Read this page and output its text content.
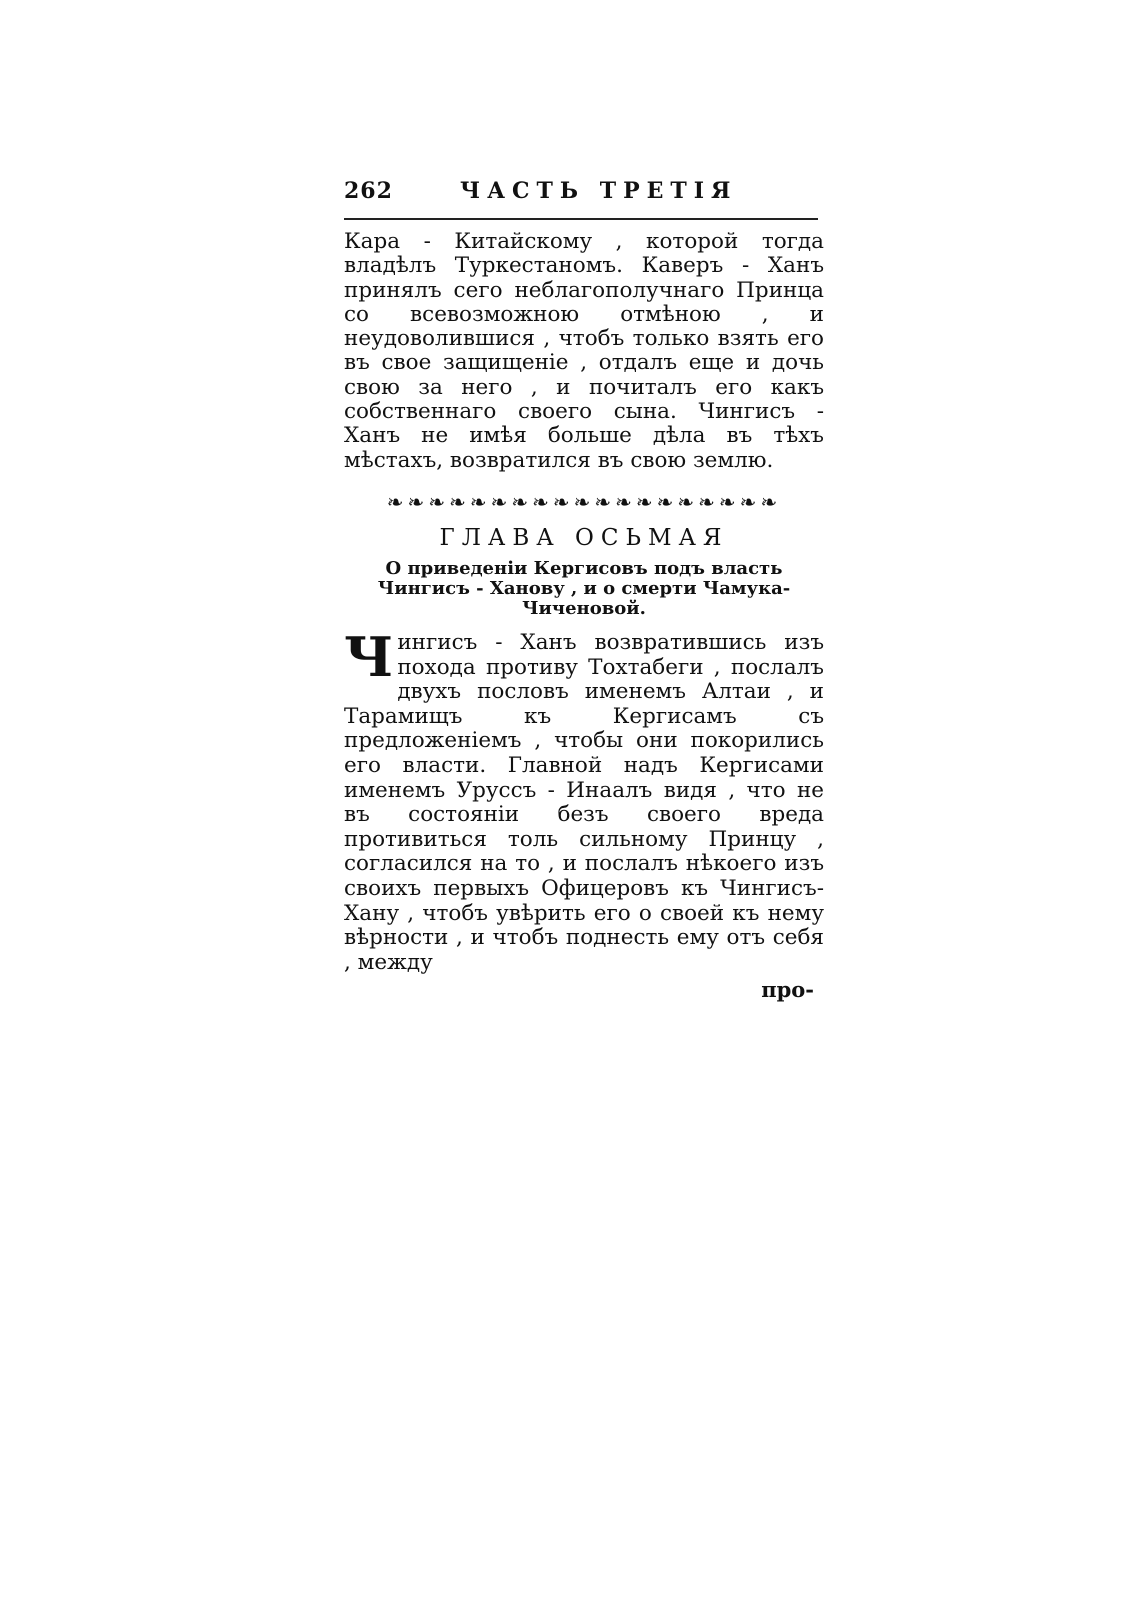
262	ЧАСТЬ ТРЕТІЯ

Кара - Китайскому , которой тогда владѣлъ Туркестаномъ. Каверъ - Ханъ принялъ сего неблагополучнаго Принца со всевозможною отмѣною , и неудоволившися , чтобъ только взять его въ свое защищеніе , отдалъ еще и дочь свою за него , и почиталъ его какъ собственнаго своего сына. Чингисъ - Ханъ не имѣя больше дѣла въ тѣхъ мѣстахъ, возвратился въ свою землю.

❧❧❧❧❧❧❧❧❧❧❧❧❧❧❧❧❧❧❧
ГЛАВА ОСЬМАЯ
О приведеніи Кергисовъ подъ власть Чингисъ - Ханову , и о смерти Чамука-Чиченовой.

Чингисъ - Ханъ возвратившись изъ похода противу Тохтабеги , послалъ двухъ пословъ именемъ Алтаи , и Тарамищъ къ Кергисамъ съ предложеніемъ , чтобы они покорились его власти. Главной надъ Кергисами именемъ Уруссъ - Инаалъ видя , что не въ состояніи безъ своего вреда противиться толь сильному Принцу , согласился на то , и послалъ нѣкоего изъ своихъ первыхъ Офицеровъ къ Чингисъ-Хану , чтобъ увѣрить его о своей къ нему вѣрности , и чтобъ поднесть ему отъ себя , между

про-
